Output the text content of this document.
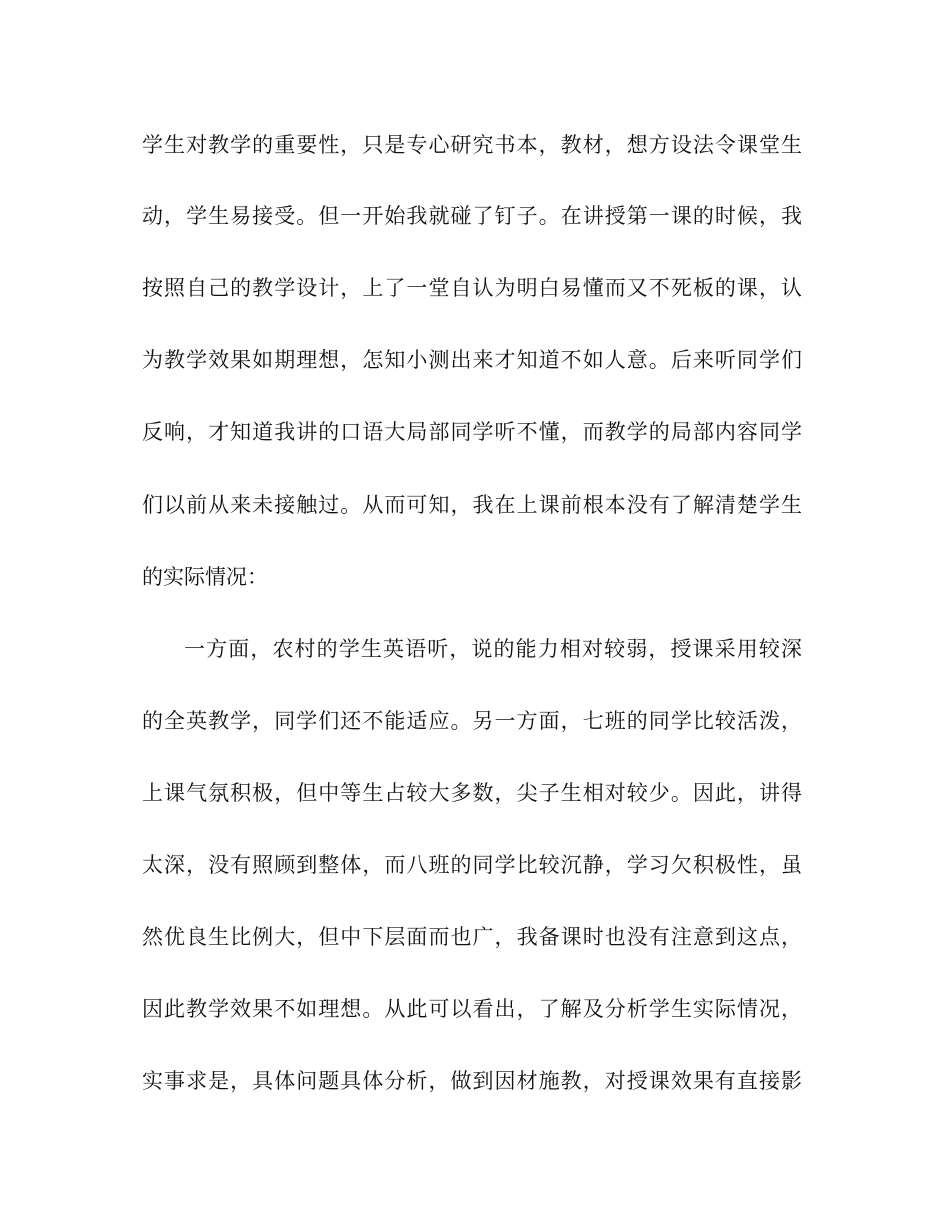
学生对教学的重要性，只是专心研究书本，教材，想方设法令课堂生
动，学生易接受。但一开始我就碰了钉子。在讲授第一课的时候，我
按照自己的教学设计，上了一堂自认为明白易懂而又不死板的课，认
为教学效果如期理想，怎知小测出来才知道不如人意。后来听同学们
反响，才知道我讲的口语大局部同学听不懂，而教学的局部内容同学
们以前从来未接触过。从而可知，我在上课前根本没有了解清楚学生
的实际情况：
一方面，农村的学生英语听，说的能力相对较弱，授课采用较深
的全英教学，同学们还不能适应。另一方面，七班的同学比较活泼，
上课气氛积极，但中等生占较大多数，尖子生相对较少。因此，讲得
太深，没有照顾到整体，而八班的同学比较沉静，学习欠积极性，虽
然优良生比例大，但中下层面而也广，我备课时也没有注意到这点，
因此教学效果不如理想。从此可以看出，了解及分析学生实际情况，
实事求是，具体问题具体分析，做到因材施教，对授课效果有直接影
